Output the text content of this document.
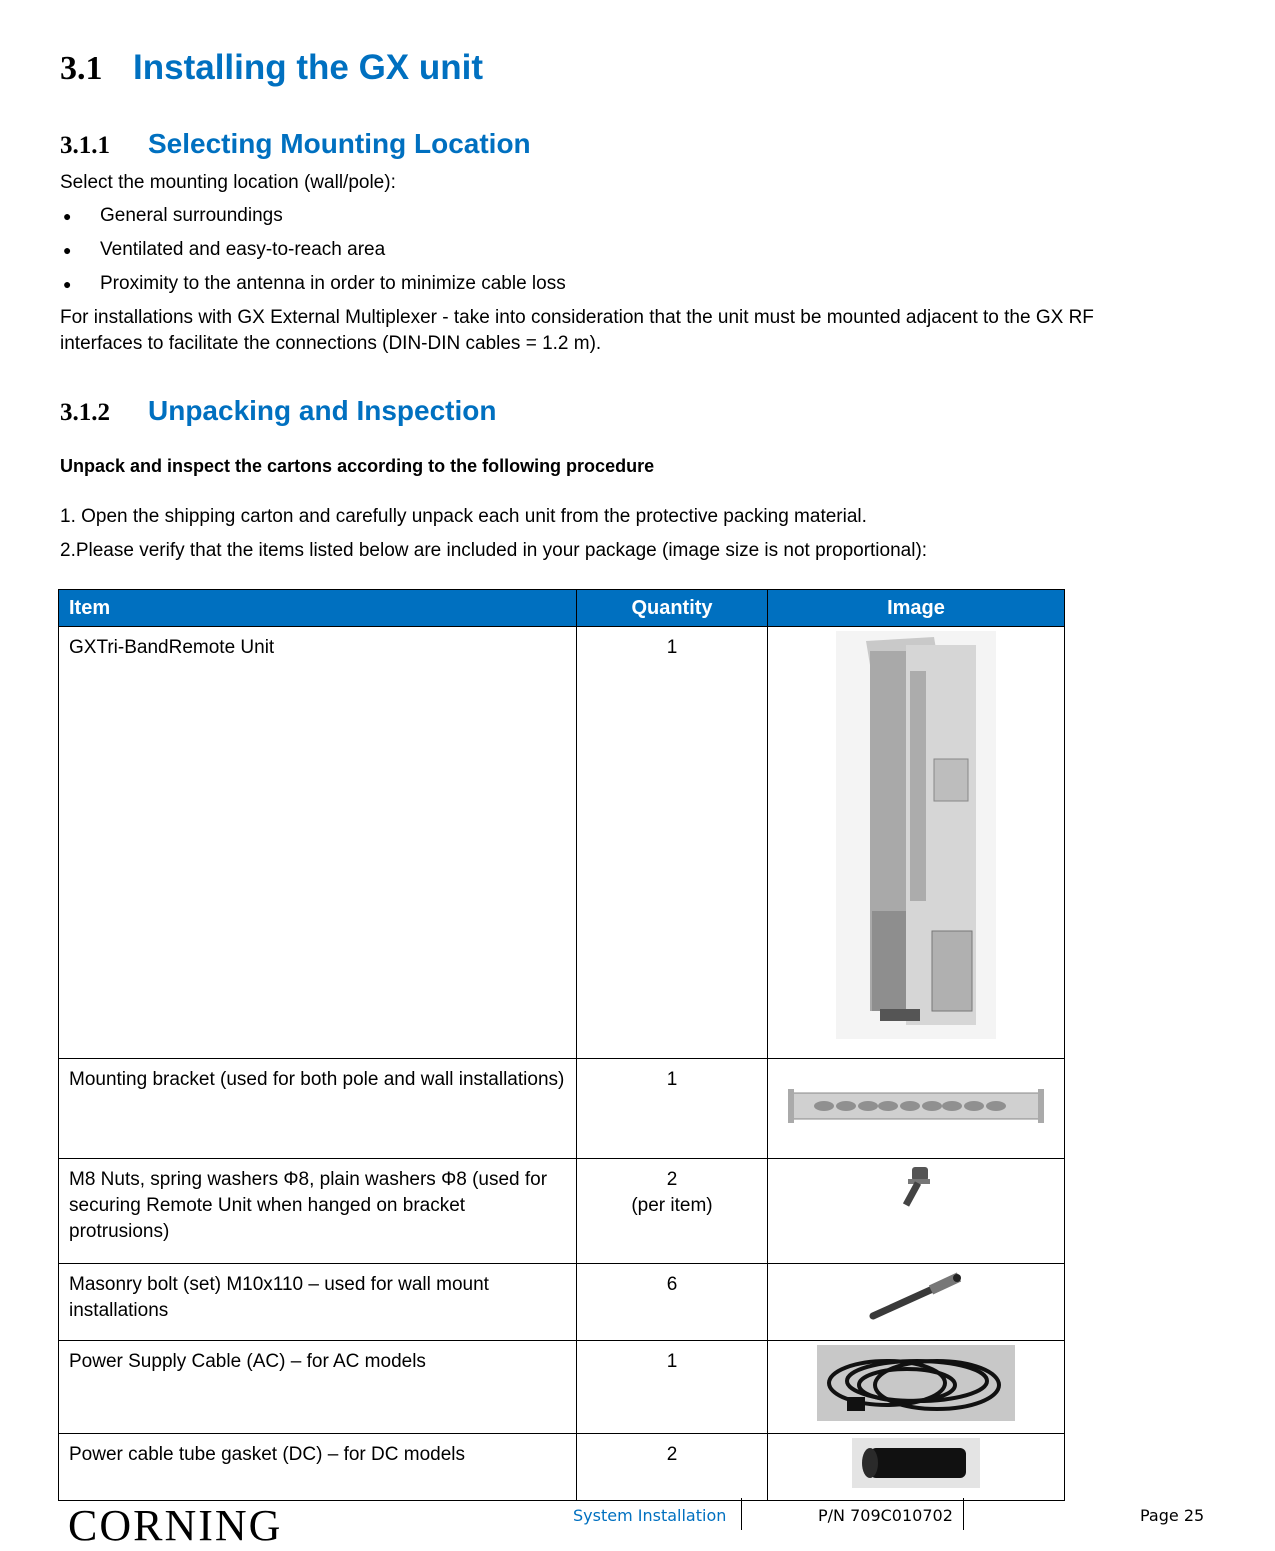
3.1 Installing the GX unit
3.1.1	Selecting Mounting Location
Select the mounting location (wall/pole):
● General surroundings
● Ventilated and easy-to-reach area
● Proximity to the antenna in order to minimize cable loss
For installations with GX External Multiplexer - take into consideration that the unit must be mounted adjacent to the GX RF
interfaces to facilitate the connections (DIN-DIN cables = 1.2 m).
3.1.2	Unpacking and Inspection
Unpack and inspect the cartons according to the following procedure
1. Open the shipping carton and carefully unpack each unit from the protective packing material.
2.Please verify that the items listed below are included in your package (image size is not proportional):
Item	Quantity	Image
GXTri-BandRemote Unit	1	
Mounting bracket (used for both pole and wall installations)	1	
M8 Nuts, spring washers Φ8, plain washers Φ8 (used for securing Remote Unit when hanged on bracket protrusions)	2
(per item)

Masonry bolt (set) M10x110 – used for wall mount installations	6	
Power Supply Cable (AC) – for AC models	1	
Power cable tube gasket (DC) – for DC models	2	
CORNING	System Installation	P/N 709C010702	Page 25
